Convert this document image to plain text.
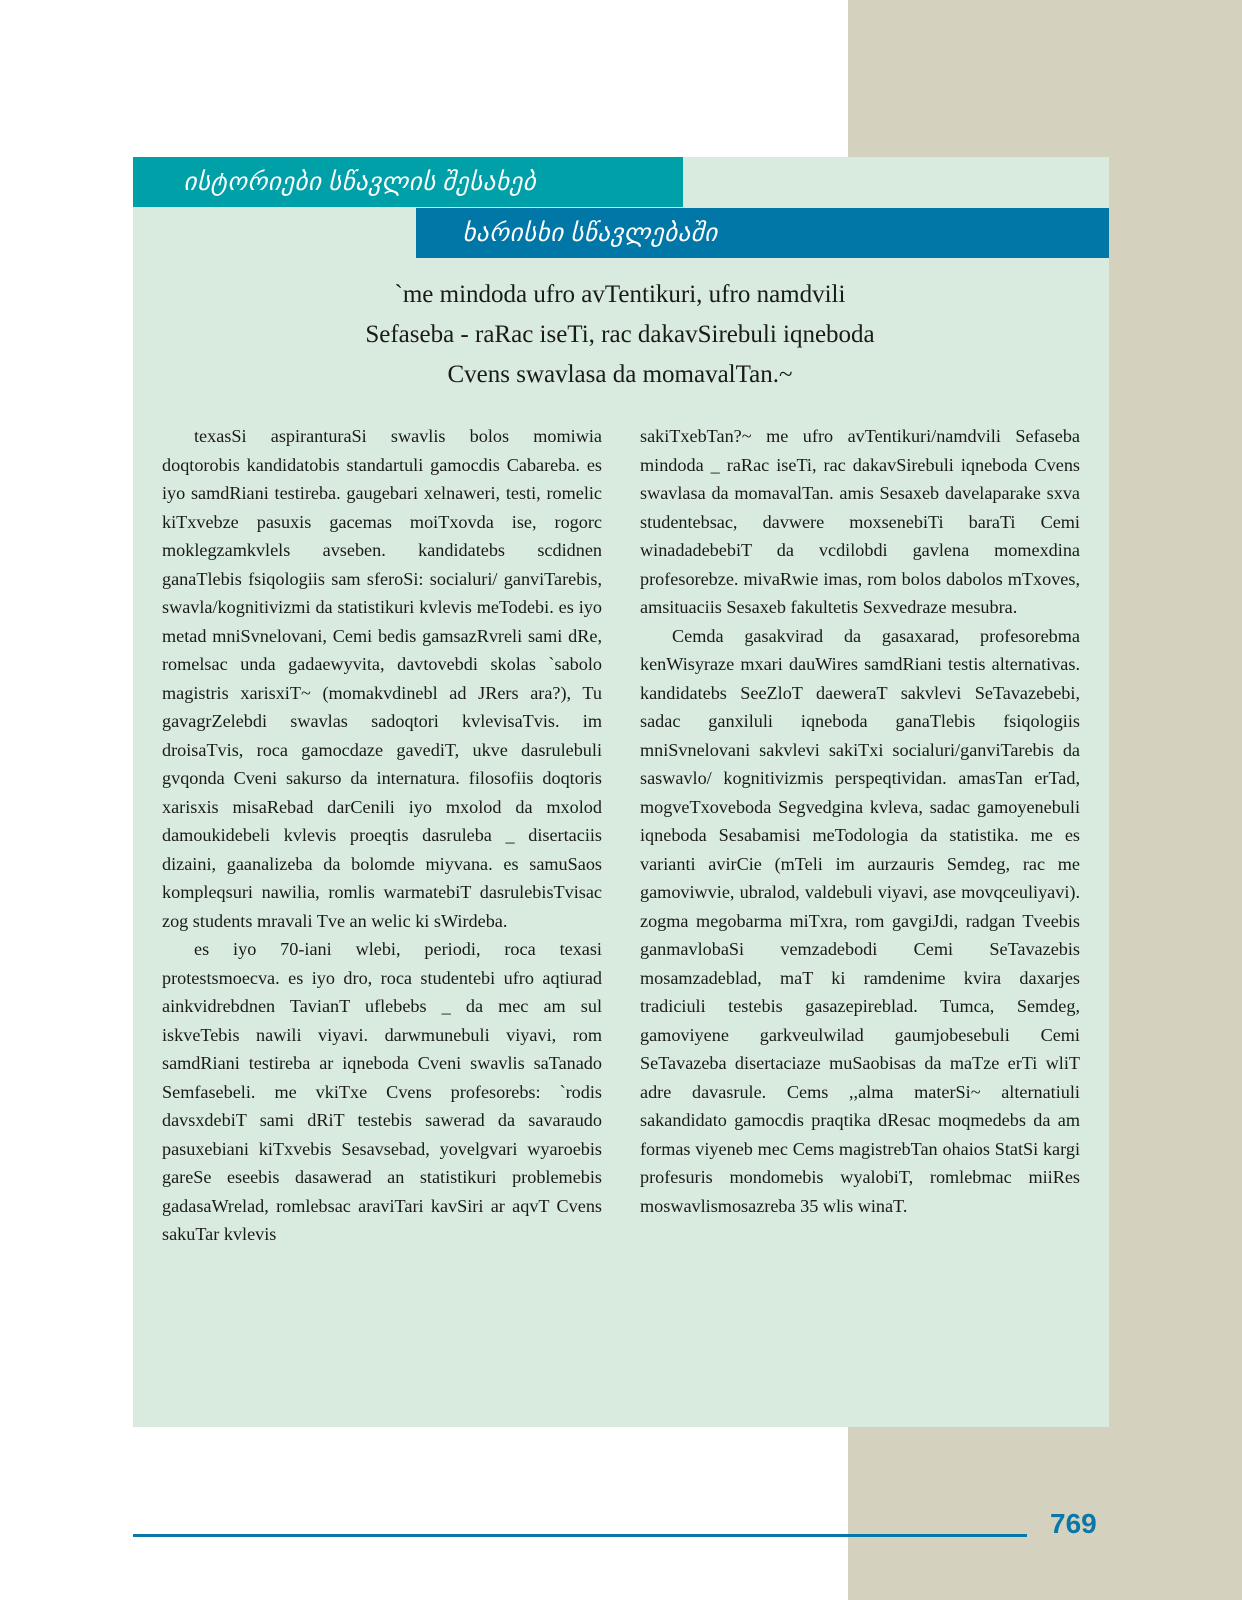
ისტორიები სწავლის შესახებ
ხარისხი სწავლებაში
`me mindoda ufro avTentikuri, ufro namdvili
Sefaseba - raRac iseTi, rac dakavSirebuli iqneboda
Cvens swavlasa da momavalTan.~

texasSi aspiranturaSi swavlis bolos momiwia doqtorobis kandidatobis standartuli gamocdis Cabareba. es iyo samdRiani testireba. gaugebari xelnaweri, testi, romelic kiTxvebze pasuxis gacemas moiTxovda ise, rogorc moklegzamkvlels avseben. kandidatebs scdidnen ganaTlebis fsiqologiis sam sferoSi: socialuri/ ganviTarebis, swavla/kognitivizmi da statistikuri kvlevis meTodebi. es iyo metad mniSvnelovani, Cemi bedis gamsazRvreli sami dRe, romelsac unda gadaewyvita, davtovebdi skolas `sabolo magistris xarisxiT~ (momakvdinebl ad JRers ara?), Tu gavagrZelebdi swavlas sadoqtori kvlevisaTvis. im droisaTvis, roca gamocdaze gavediT, ukve dasrulebuli gvqonda Cveni sakurso da internatura. filosofiis doqtoris xarisxis misaRebad darCenili iyo mxolod da mxolod damoukidebeli kvlevis proeqtis dasruleba _ disertaciis dizaini, gaanalizeba da bolomde miyvana. es samuSaos kompleqsuri nawilia, romlis warmatebiT dasrulebisTvisac zog students mravali Tve an welic ki sWirdeba.

es iyo 70-iani wlebi, periodi, roca texasi protestsmoecva. es iyo dro, roca studentebi ufro aqtiurad ainkvidrebdnen TavianT uflebebs _ da mec am sul iskveTebis nawili viyavi. darwmunebuli viyavi, rom samdRiani testireba ar iqneboda Cveni swavlis saTanado Semfasebeli. me vkiTxe Cvens profesorebs: `rodis davsxdebiT sami dRiT testebis sawerad da savaraudo pasuxebiani kiTxvebis Sesavsebad, yovelgvari wyaroebis gareSe eseebis dasawerad an statistikuri problemebis gadasaWrelad, romlebsac araviTari kavSiri ar aqvT Cvens sakuTar kvlevis

sakiTxebTan?~ me ufro avTentikuri/namdvili Sefaseba mindoda _ raRac iseTi, rac dakavSirebuli iqneboda Cvens swavlasa da momavalTan. amis Sesaxeb davelaparake sxva studentebsac, davwere moxsenebiTi baraTi Cemi winadadebebiT da vcdilobdi gavlena momexdina profesorebze. mivaRwie imas, rom bolos dabolos mTxoves, amsituaciis Sesaxeb fakultetis Sexvedraze mesubra.

Cemda gasakvirad da gasaxarad, profesorebma kenWisyraze mxari dauWires samdRiani testis alternativas. kandidatebs SeeZloT daeweraT sakvlevi SeTavazebebi, sadac ganxiluli iqneboda ganaTlebis fsiqologiis mniSvnelovani sakvlevi sakiTxi socialuri/ganviTarebis da saswavlo/ kognitivizmis perspeqtividan. amasTan erTad, mogveTxoveboda Segvedgina kvleva, sadac gamoyenebuli iqneboda Sesabamisi meTodologia da statistika. me es varianti avirCie (mTeli im aurzauris Semdeg, rac me gamoviwvie, ubralod, valdebuli viyavi, ase movqceuliyavi). zogma megobarma miTxra, rom gavgiJdi, radgan Tveebis ganmavlobaSi vemzadebodi Cemi SeTavazebis mosamzadeblad, maT ki ramdenime kvira daxarjes tradiciuli testebis gasazepireblad. Tumca, Semdeg, gamoviyene garkveulwilad gaumjobesebuli Cemi SeTavazeba disertaciaze muSaobisas da maTze erTi wliT adre davasrule. Cems ,,alma materSi~ alternatiuli sakandidato gamocdis praqtika dResac moqmedebs da am formas viyeneb mec Cems magistrebTan ohaios StatSi kargi profesuris mondomebis wyalobiT, romlebmac miiRes moswavlismosazreba 35 wlis winaT.

769
